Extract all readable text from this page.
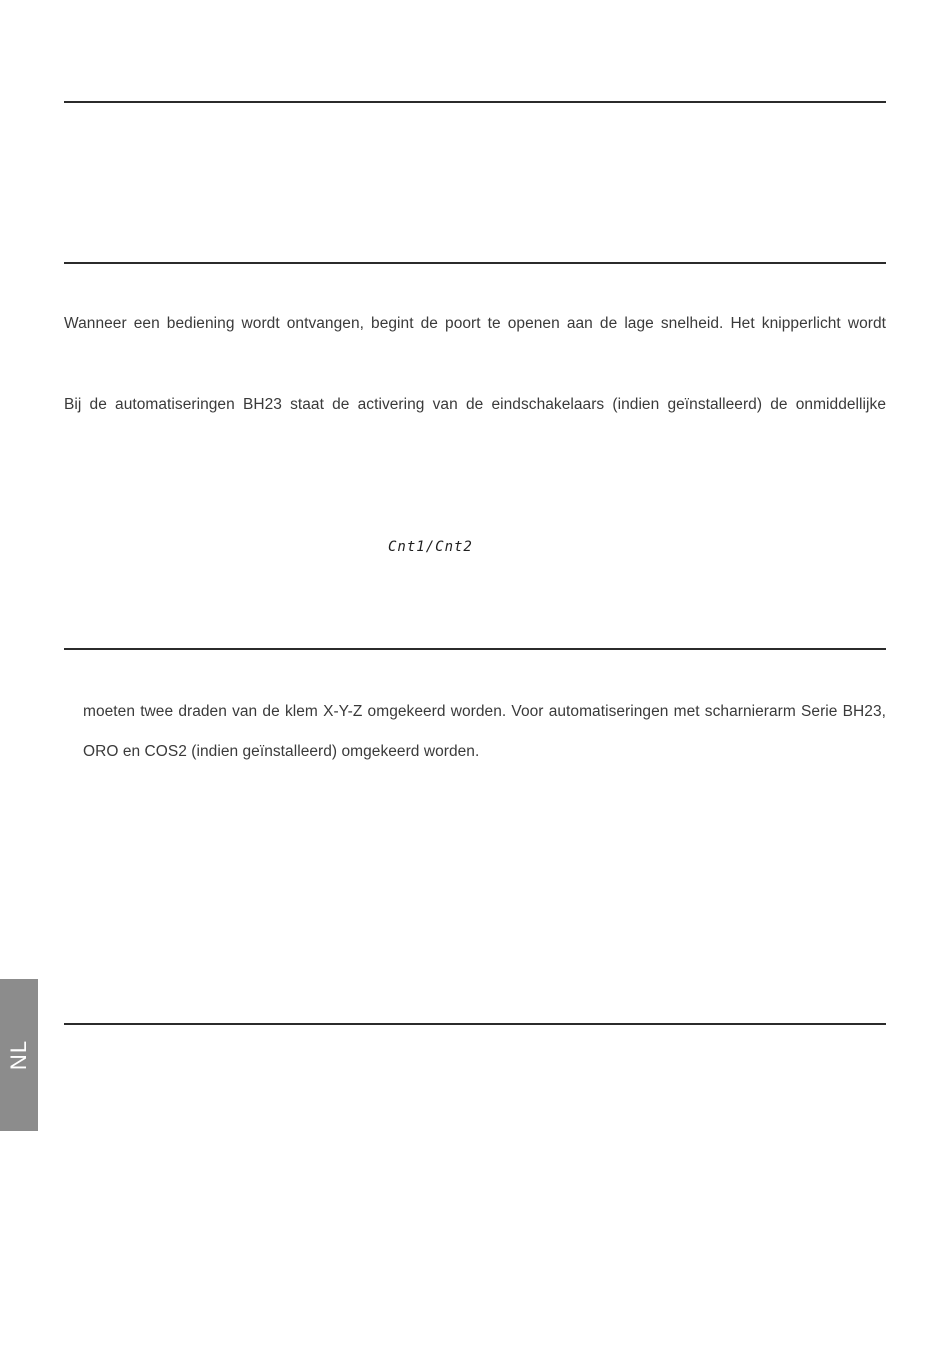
Wanneer een bediening wordt ontvangen, begint de poort te openen aan de lage snelheid. Het knipperlicht wordt
Bij de automatiseringen BH23 staat de activering van de eindschakelaars (indien geïnstalleerd) de onmiddellijke
Cnt1/Cnt2
moeten twee draden van de klem X-Y-Z omgekeerd worden. Voor automatiseringen met scharnierarm Serie BH23,
ORO en COS2 (indien geïnstalleerd) omgekeerd worden.
NL
